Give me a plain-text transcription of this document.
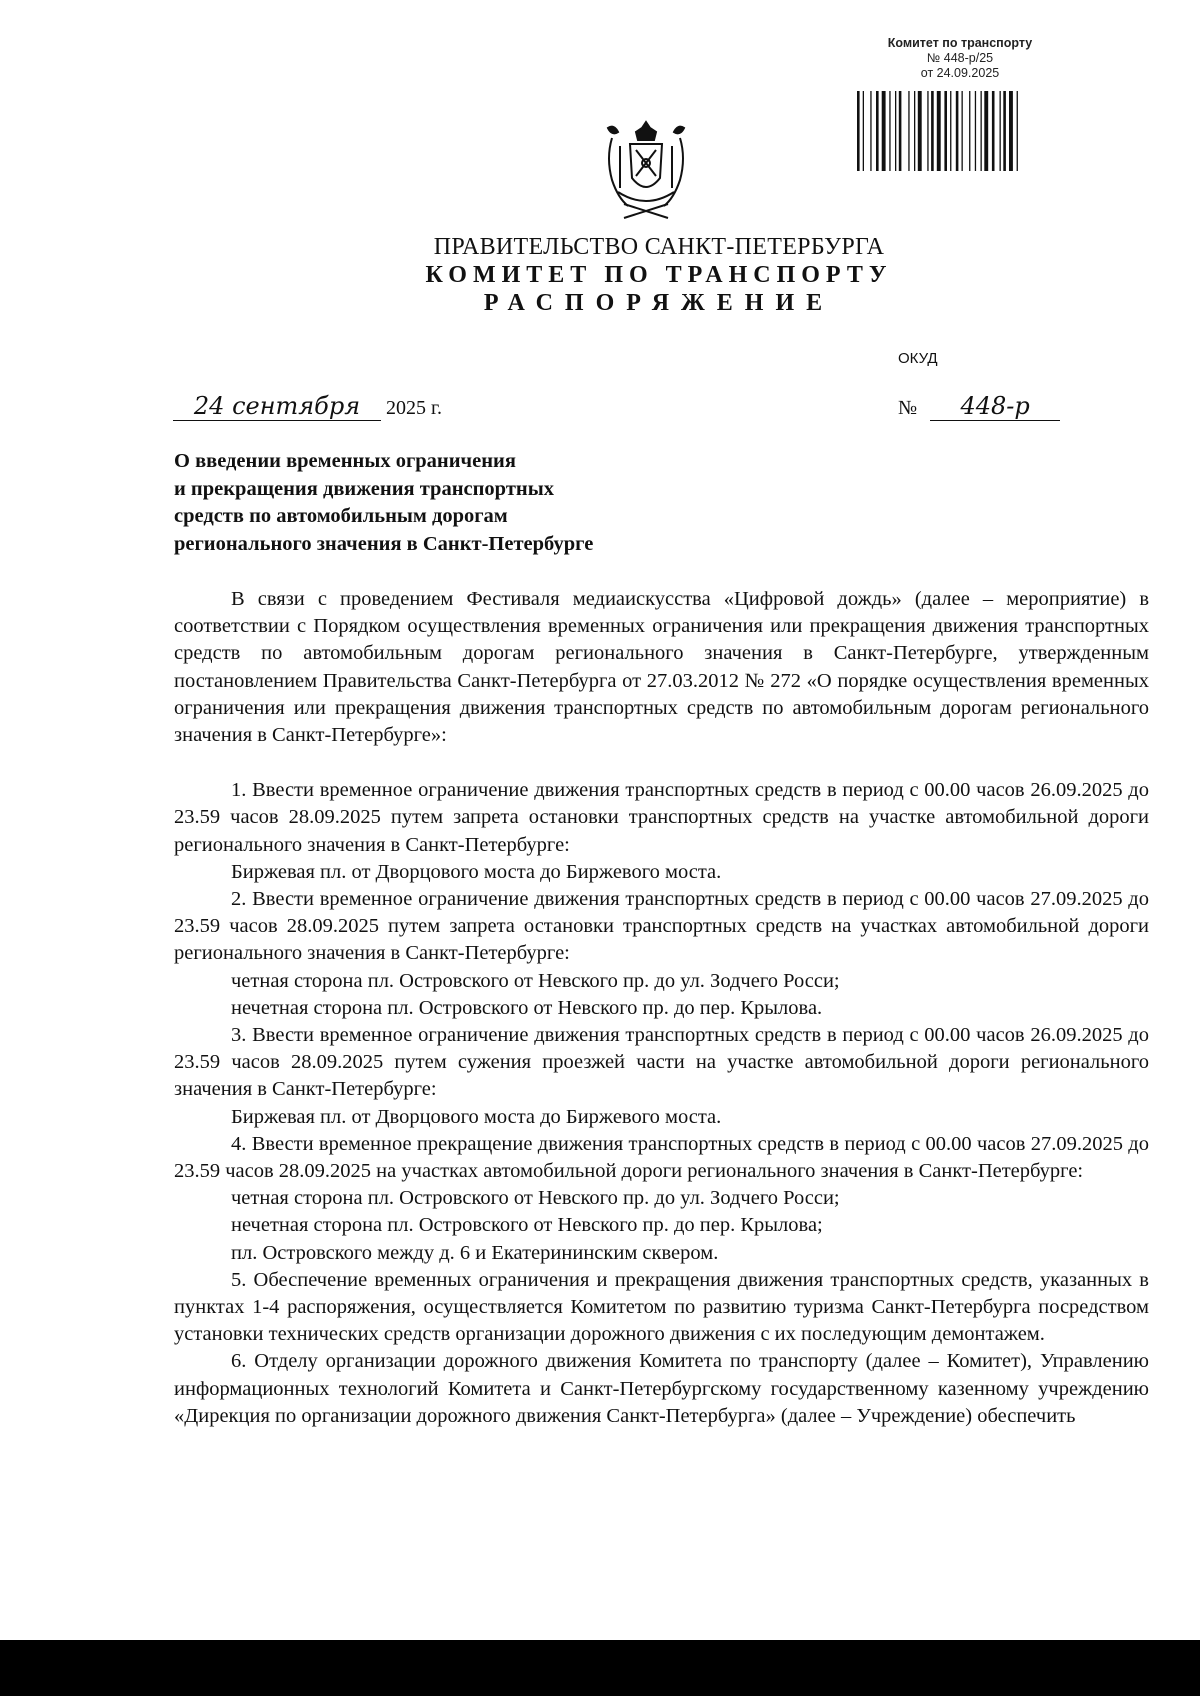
Комитет по транспорту
№ 448-р/25
от 24.09.2025
ПРАВИТЕЛЬСТВО САНКТ-ПЕТЕРБУРГА
КОМИТЕТ ПО ТРАНСПОРТУ
РАСПОРЯЖЕНИЕ
ОКУД
24 сентября 2025 г.	№ 448-р
О введении временных ограничения
и прекращения движения транспортных
средств по автомобильным дорогам
регионального значения в Санкт-Петербурге

В связи с проведением Фестиваля медиаискусства «Цифровой дождь» (далее – мероприятие) в соответствии с Порядком осуществления временных ограничения или прекращения движения транспортных средств по автомобильным дорогам регионального значения в Санкт-Петербурге, утвержденным постановлением Правительства Санкт-Петербурга от 27.03.2012 № 272 «О порядке осуществления временных ограничения или прекращения движения транспортных средств по автомобильным дорогам регионального значения в Санкт-Петербурге»:

1. Ввести временное ограничение движения транспортных средств в период с 00.00 часов 26.09.2025 до 23.59 часов 28.09.2025 путем запрета остановки транспортных средств на участке автомобильной дороги регионального значения в Санкт-Петербурге:

Биржевая пл. от Дворцового моста до Биржевого моста.

2. Ввести временное ограничение движения транспортных средств в период с 00.00 часов 27.09.2025 до 23.59 часов 28.09.2025 путем запрета остановки транспортных средств на участках автомобильной дороги регионального значения в Санкт-Петербурге:

четная сторона пл. Островского от Невского пр. до ул. Зодчего Росси;

нечетная сторона пл. Островского от Невского пр. до пер. Крылова.

3. Ввести временное ограничение движения транспортных средств в период с 00.00 часов 26.09.2025 до 23.59 часов 28.09.2025 путем сужения проезжей части на участке автомобильной дороги регионального значения в Санкт-Петербурге:

Биржевая пл. от Дворцового моста до Биржевого моста.

4. Ввести временное прекращение движения транспортных средств в период с 00.00 часов 27.09.2025 до 23.59 часов 28.09.2025 на участках автомобильной дороги регионального значения в Санкт-Петербурге:

четная сторона пл. Островского от Невского пр. до ул. Зодчего Росси;

нечетная сторона пл. Островского от Невского пр. до пер. Крылова;

пл. Островского между д. 6 и Екатерининским сквером.

5. Обеспечение временных ограничения и прекращения движения транспортных средств, указанных в пунктах 1-4 распоряжения, осуществляется Комитетом по развитию туризма Санкт-Петербурга посредством установки технических средств организации дорожного движения с их последующим демонтажем.

6. Отделу организации дорожного движения Комитета по транспорту (далее – Комитет), Управлению информационных технологий Комитета и Санкт-Петербургскому государственному казенному учреждению «Дирекция по организации дорожного движения Санкт-Петербурга» (далее – Учреждение) обеспечить
